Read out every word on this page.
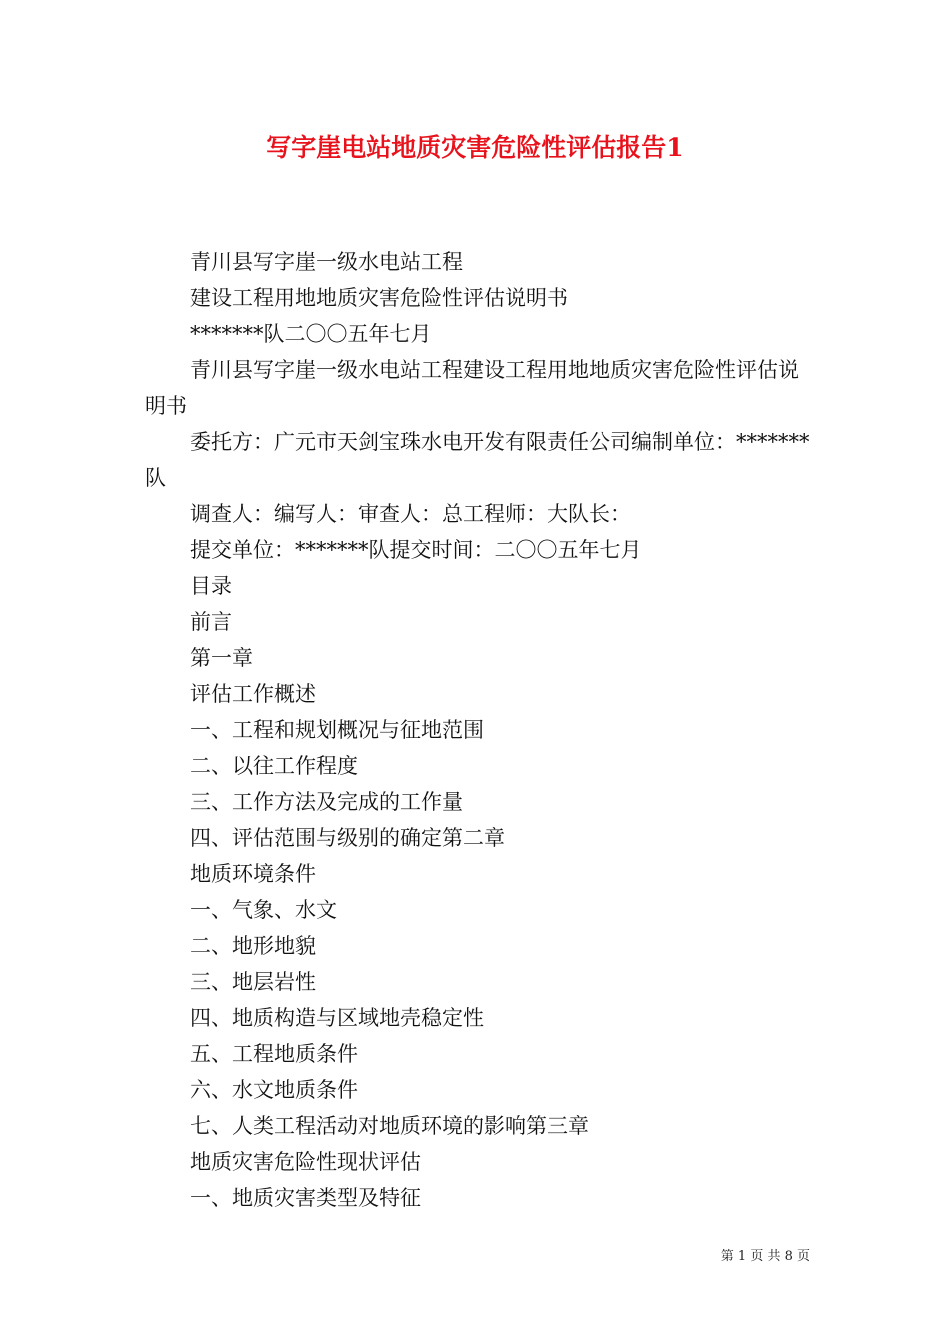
写字崖电站地质灾害危险性评估报告1

青川县写字崖一级水电站工程

建设工程用地地质灾害危险性评估说明书

*******队二〇〇五年七月

青川县写字崖一级水电站工程建设工程用地地质灾害危险性评估说明书

委托方：广元市天剑宝珠水电开发有限责任公司编制单位：*******队

调查人：编写人：审查人：总工程师：大队长：

提交单位：*******队提交时间：二〇〇五年七月

目录

前言

第一章

评估工作概述

一、工程和规划概况与征地范围

二、以往工作程度

三、工作方法及完成的工作量

四、评估范围与级别的确定第二章

地质环境条件

一、气象、水文

二、地形地貌

三、地层岩性

四、地质构造与区域地壳稳定性

五、工程地质条件

六、水文地质条件

七、人类工程活动对地质环境的影响第三章

地质灾害危险性现状评估

一、地质灾害类型及特征

第 1 页 共 8 页
